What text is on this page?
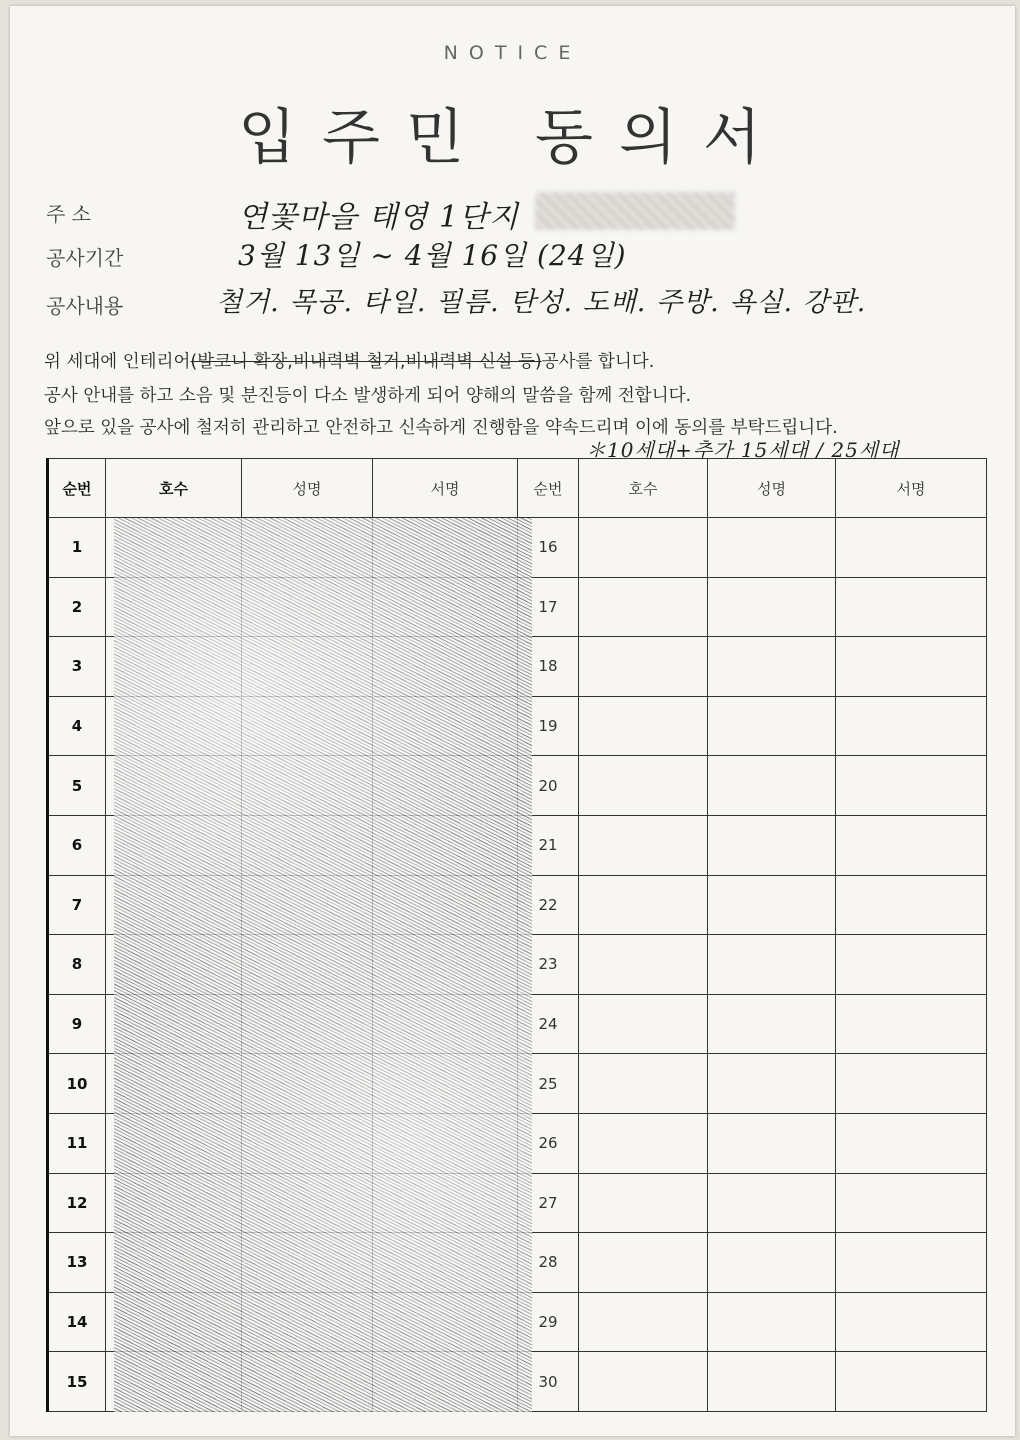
NOTICE
입주민 동의서
주 소	연꽃마을 태영 1단지
공사기간	3월 13일 ~ 4월 16일 (24일)
공사내용	철거. 목공. 타일. 필름. 탄성. 도배. 주방. 욕실. 강판.
위 세대에 인테리어(발코니 확장,비내력벽 철거,비내력벽 신설 등)공사를 합니다.
공사 안내를 하고 소음 및 분진등이 다소 발생하게 되어 양해의 말씀을 함께 전합니다.
앞으로 있을 공사에 철저히 관리하고 안전하고 신속하게 진행함을 약속드리며 이에 동의를 부탁드립니다.
＊10세대+추가 15세대 / 25세대
순번	호수	성명	서명	순번	호수	성명	서명
1				16			
2				17			
3				18			
4				19			
5				20			
6				21			
7				22			
8				23			
9				24			
10				25			
11				26			
12				27			
13				28			
14				29			
15				30			
